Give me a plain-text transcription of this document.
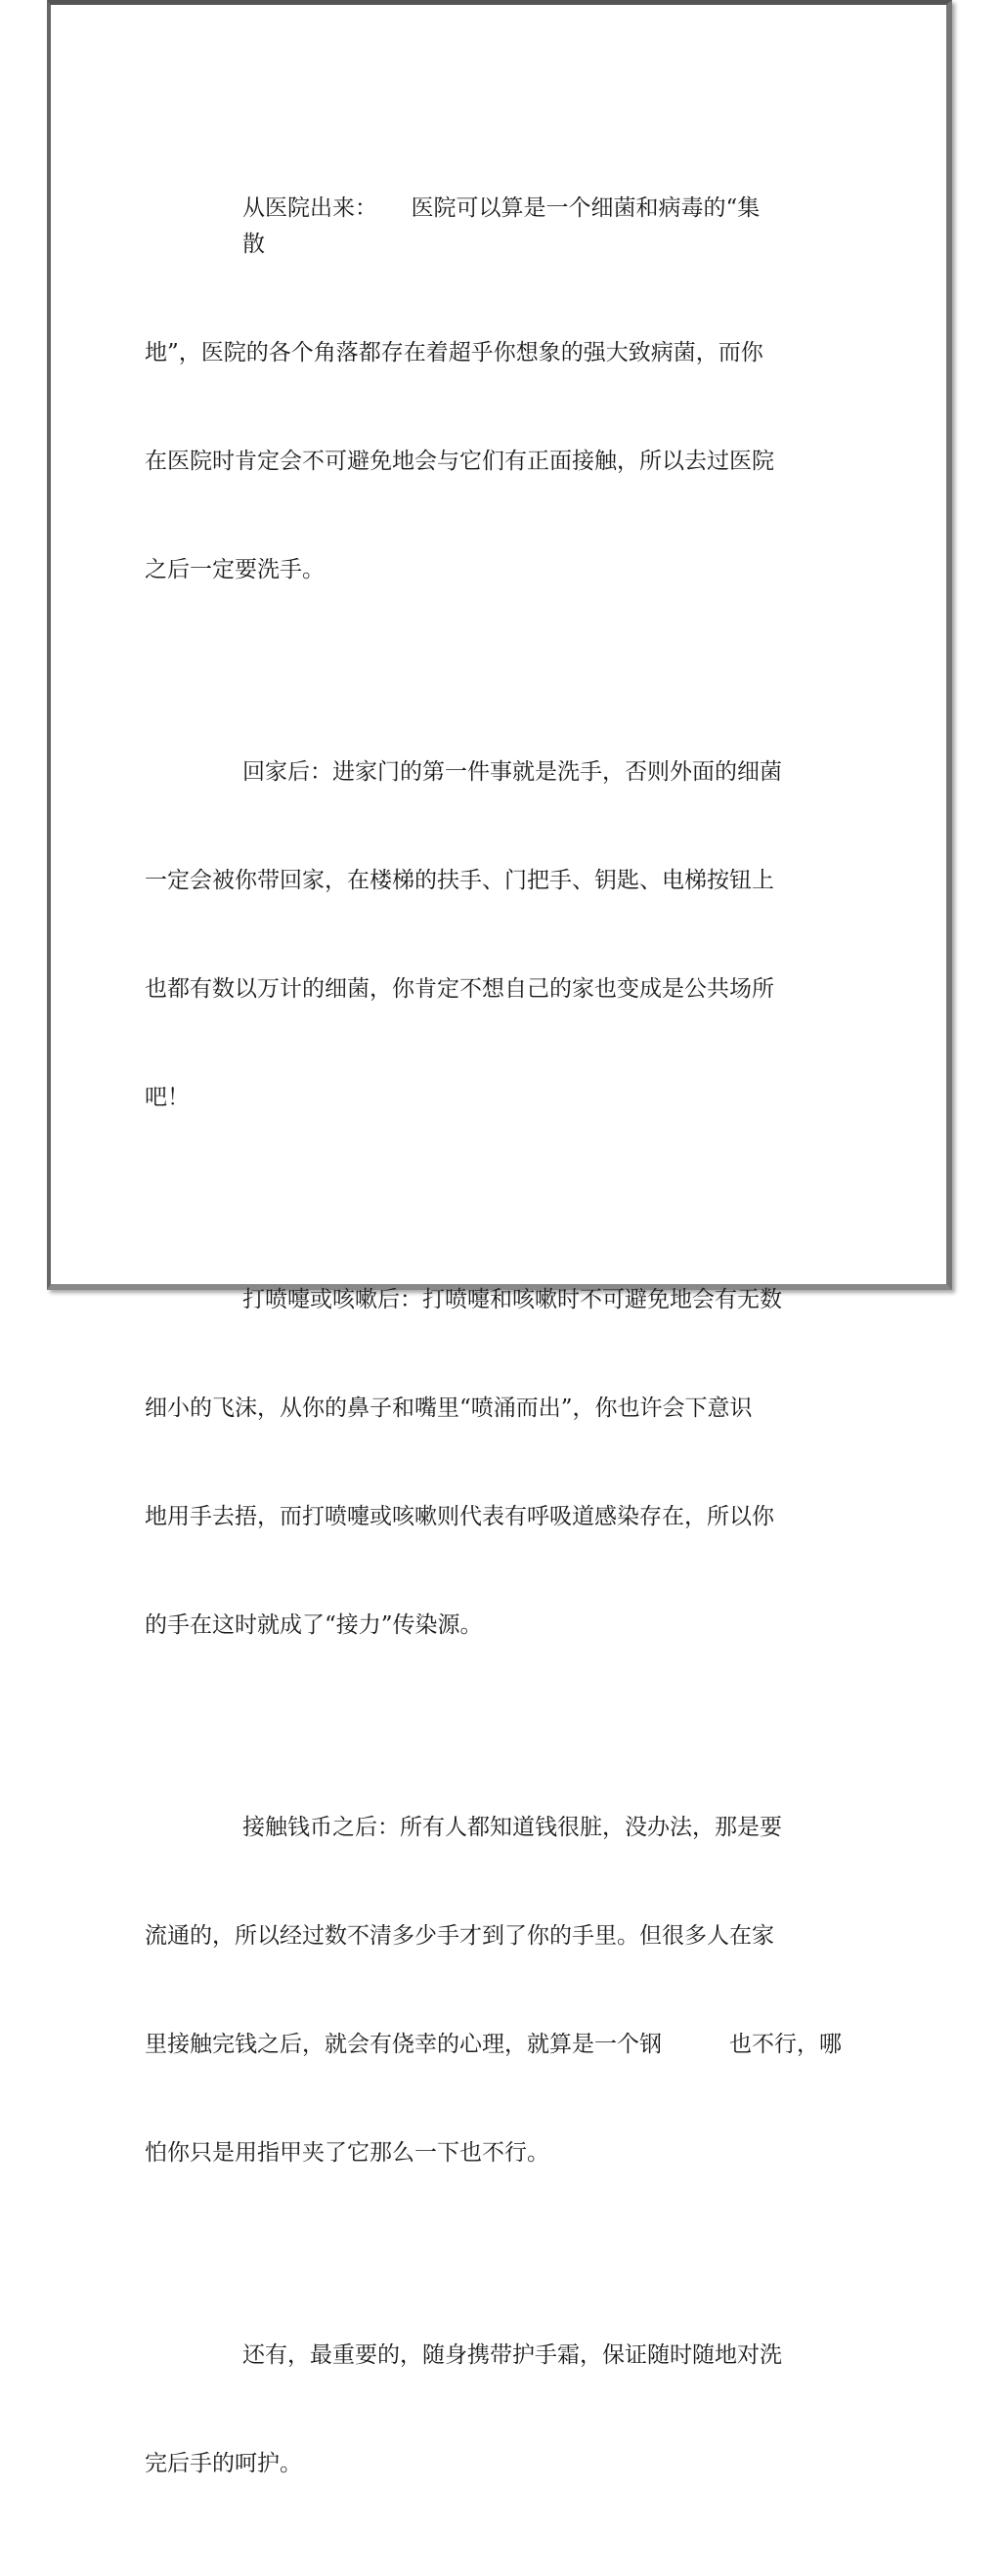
从医院出来：　　医院可以算是一个细菌和病毒的“集散

地”，医院的各个角落都存在着超乎你想象的强大致病菌，而你

在医院时肯定会不可避免地会与它们有正面接触，所以去过医院

之后一定要洗手。

回家后：进家门的第一件事就是洗手，否则外面的细菌

一定会被你带回家，在楼梯的扶手、门把手、钥匙、电梯按钮上

也都有数以万计的细菌，你肯定不想自己的家也变成是公共场所

吧！

打喷嚏或咳嗽后：打喷嚏和咳嗽时不可避免地会有无数

细小的飞沫，从你的鼻子和嘴里“喷涌而出”，你也许会下意识

地用手去捂，而打喷嚏或咳嗽则代表有呼吸道感染存在，所以你

的手在这时就成了“接力”传染源。

接触钱币之后：所有人都知道钱很脏，没办法，那是要

流通的，所以经过数不清多少手才到了你的手里。但很多人在家

里接触完钱之后，就会有侥幸的心理，就算是一个钢　　　也不行，哪

怕你只是用指甲夹了它那么一下也不行。

还有，最重要的，随身携带护手霜，保证随时随地对洗

完后手的呵护。
